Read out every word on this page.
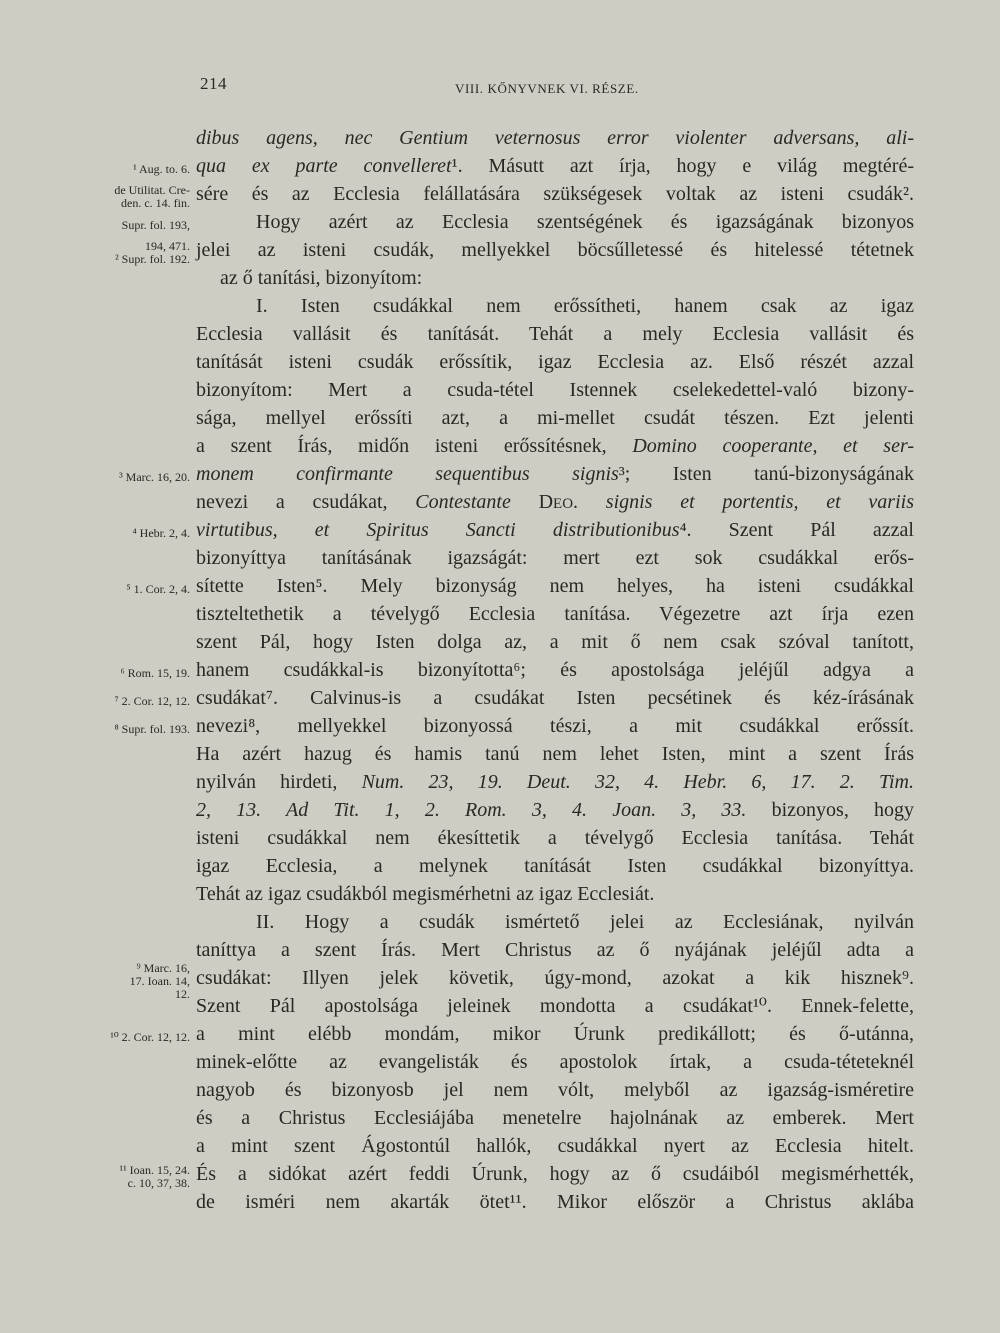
214	VIII. KŐNYVNEK VI. RÉSZE.
¹ Aug. to. 6.
de Utilitat. Cre-
den. c. 14. fin.
Supr. fol. 193,
194, 471.
² Supr. fol. 192.
³ Marc. 16, 20.
⁴ Hebr. 2, 4.
⁵ 1. Cor. 2, 4.
⁶ Rom. 15, 19.
⁷ 2. Cor. 12, 12.
⁸ Supr. fol. 193.
⁹ Marc. 16,
17. Ioan. 14,
12.
¹⁰ 2. Cor. 12, 12.
¹¹ Ioan. 15, 24.
c. 10, 37, 38.
dibus agens, nec Gentium veternosus error violenter adversans, ali-
qua ex parte convelleret¹. Másutt azt írja, hogy e világ megtéré-
sére és az Ecclesia felállatására szükségesek voltak az isteni csudák².
Hogy azért az Ecclesia szentségének és igazságának bizonyos
jelei az isteni csudák, mellyekkel böcsűlletessé és hitelessé tétetnek
az ő tanítási, bizonyítom:
I. Isten csudákkal nem erőssítheti, hanem csak az igaz
Ecclesia vallásit és tanítását. Tehát a mely Ecclesia vallásit és
tanítását isteni csudák erőssítik, igaz Ecclesia az. Első részét azzal
bizonyítom: Mert a csuda-tétel Istennek cselekedettel-való bizony-
sága, mellyel erőssíti azt, a mi-mellet csudát tészen. Ezt jelenti
a szent Írás, midőn isteni erőssítésnek, Domino cooperante, et ser-
monem confirmante sequentibus signis³; Isten tanú-bizonyságának
nevezi a csudákat, Contestante DEO. signis et portentis, et variis
virtutibus, et Spiritus Sancti distributionibus⁴. Szent Pál azzal
bizonyíttya tanításának igazságát: mert ezt sok csudákkal erős-
sítette Isten⁵. Mely bizonyság nem helyes, ha isteni csudákkal
tiszteltethetik a tévelygő Ecclesia tanítása. Végezetre azt írja ezen
szent Pál, hogy Isten dolga az, a mit ő nem csak szóval tanított,
hanem csudákkal-is bizonyította⁶; és apostolsága jeléjűl adgya a
csudákat⁷. Calvinus-is a csudákat Isten pecsétinek és kéz-írásának
nevezi⁸, mellyekkel bizonyossá tészi, a mit csudákkal erőssít.
Ha azért hazug és hamis tanú nem lehet Isten, mint a szent Írás
nyilván hirdeti, Num. 23, 19. Deut. 32, 4. Hebr. 6, 17. 2. Tim.
2, 13. Ad Tit. 1, 2. Rom. 3, 4. Joan. 3, 33. bizonyos, hogy
isteni csudákkal nem ékesíttetik a tévelygő Ecclesia tanítása. Tehát
igaz Ecclesia, a melynek tanítását Isten csudákkal bizonyíttya.
Tehát az igaz csudákból megismérhetni az igaz Ecclesiát.
II. Hogy a csudák ismértető jelei az Ecclesiának, nyilván
taníttya a szent Írás. Mert Christus az ő nyájának jeléjűl adta a
csudákat: Illyen jelek követik, úgy-mond, azokat a kik hisznek⁹.
Szent Pál apostolsága jeleinek mondotta a csudákat¹⁰. Ennek-felette,
a mint elébb mondám, mikor Úrunk predikállott; és ő-utánna,
minek-előtte az evangelisták és apostolok írtak, a csuda-téteteknél
nagyob és bizonyosb jel nem vólt, melyből az igazság-isméretire
és a Christus Ecclesiájába menetelre hajolnának az emberek. Mert
a mint szent Ágostontúl hallók, csudákkal nyert az Ecclesia hitelt.
És a sidókat azért feddi Úrunk, hogy az ő csudáiból megismérhették,
de isméri nem akarták ötet¹¹. Mikor először a Christus aklába
